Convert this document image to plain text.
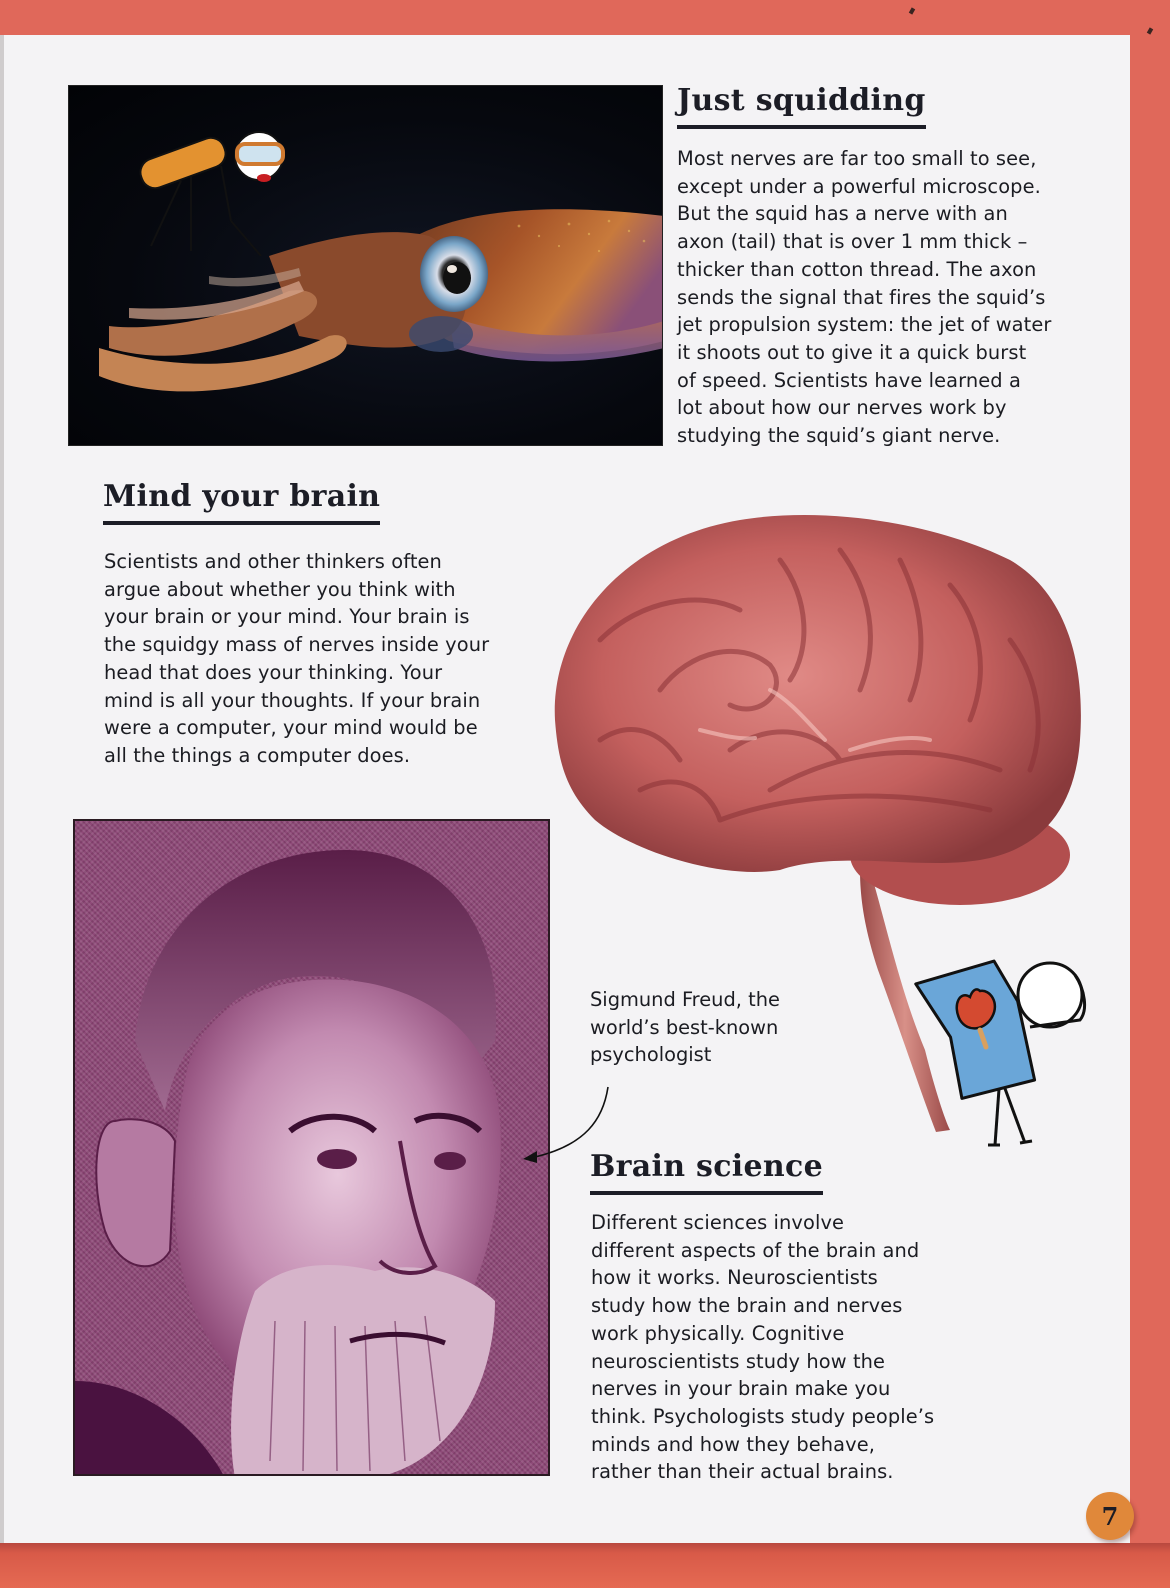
Just squidding
Most nerves are far too small to see,
except under a powerful microscope.
But the squid has a nerve with an
axon (tail) that is over 1 mm thick –
thicker than cotton thread. The axon
sends the signal that fires the squid’s
jet propulsion system: the jet of water
it shoots out to give it a quick burst
of speed. Scientists have learned a
lot about how our nerves work by
studying the squid’s giant nerve.
Mind your brain
Scientists and other thinkers often
argue about whether you think with
your brain or your mind. Your brain is
the squidgy mass of nerves inside your
head that does your thinking. Your
mind is all your thoughts. If your brain
were a computer, your mind would be
all the things a computer does.
Sigmund Freud, the
world’s best-known
psychologist
Brain science
Different sciences involve
different aspects of the brain and
how it works. Neuroscientists
study how the brain and nerves
work physically. Cognitive
neuroscientists study how the
nerves in your brain make you
think. Psychologists study people’s
minds and how they behave,
rather than their actual brains.
7
